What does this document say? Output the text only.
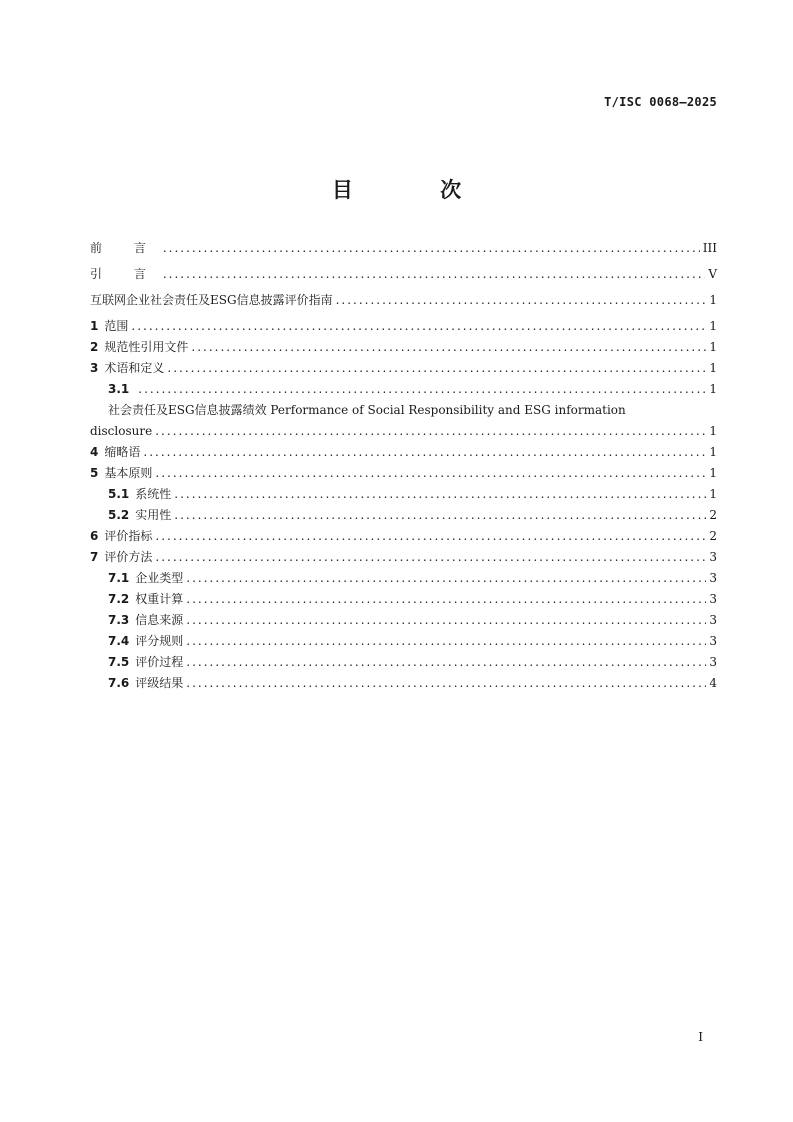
T/ISC 0068—2025
目 次
前 言 .....	III
引 言 .....	V
互联网企业社会责任及ESG信息披露评价指南 .....	1
1 范围 .....	1
2 规范性引用文件 .....	1
3 术语和定义 .....	1
3.1 .....	1
社会责任及ESG信息披露绩效 Performance of Social Responsibility and ESG information
disclosure .....	1
4 缩略语 .....	1
5 基本原则 .....	1
5.1 系统性 .....	1
5.2 实用性 .....	2
6 评价指标 .....	2
7 评价方法 .....	3
7.1 企业类型 .....	3
7.2 权重计算 .....	3
7.3 信息来源 .....	3
7.4 评分规则 .....	3
7.5 评价过程 .....	3
7.6 评级结果 .....	4
I
